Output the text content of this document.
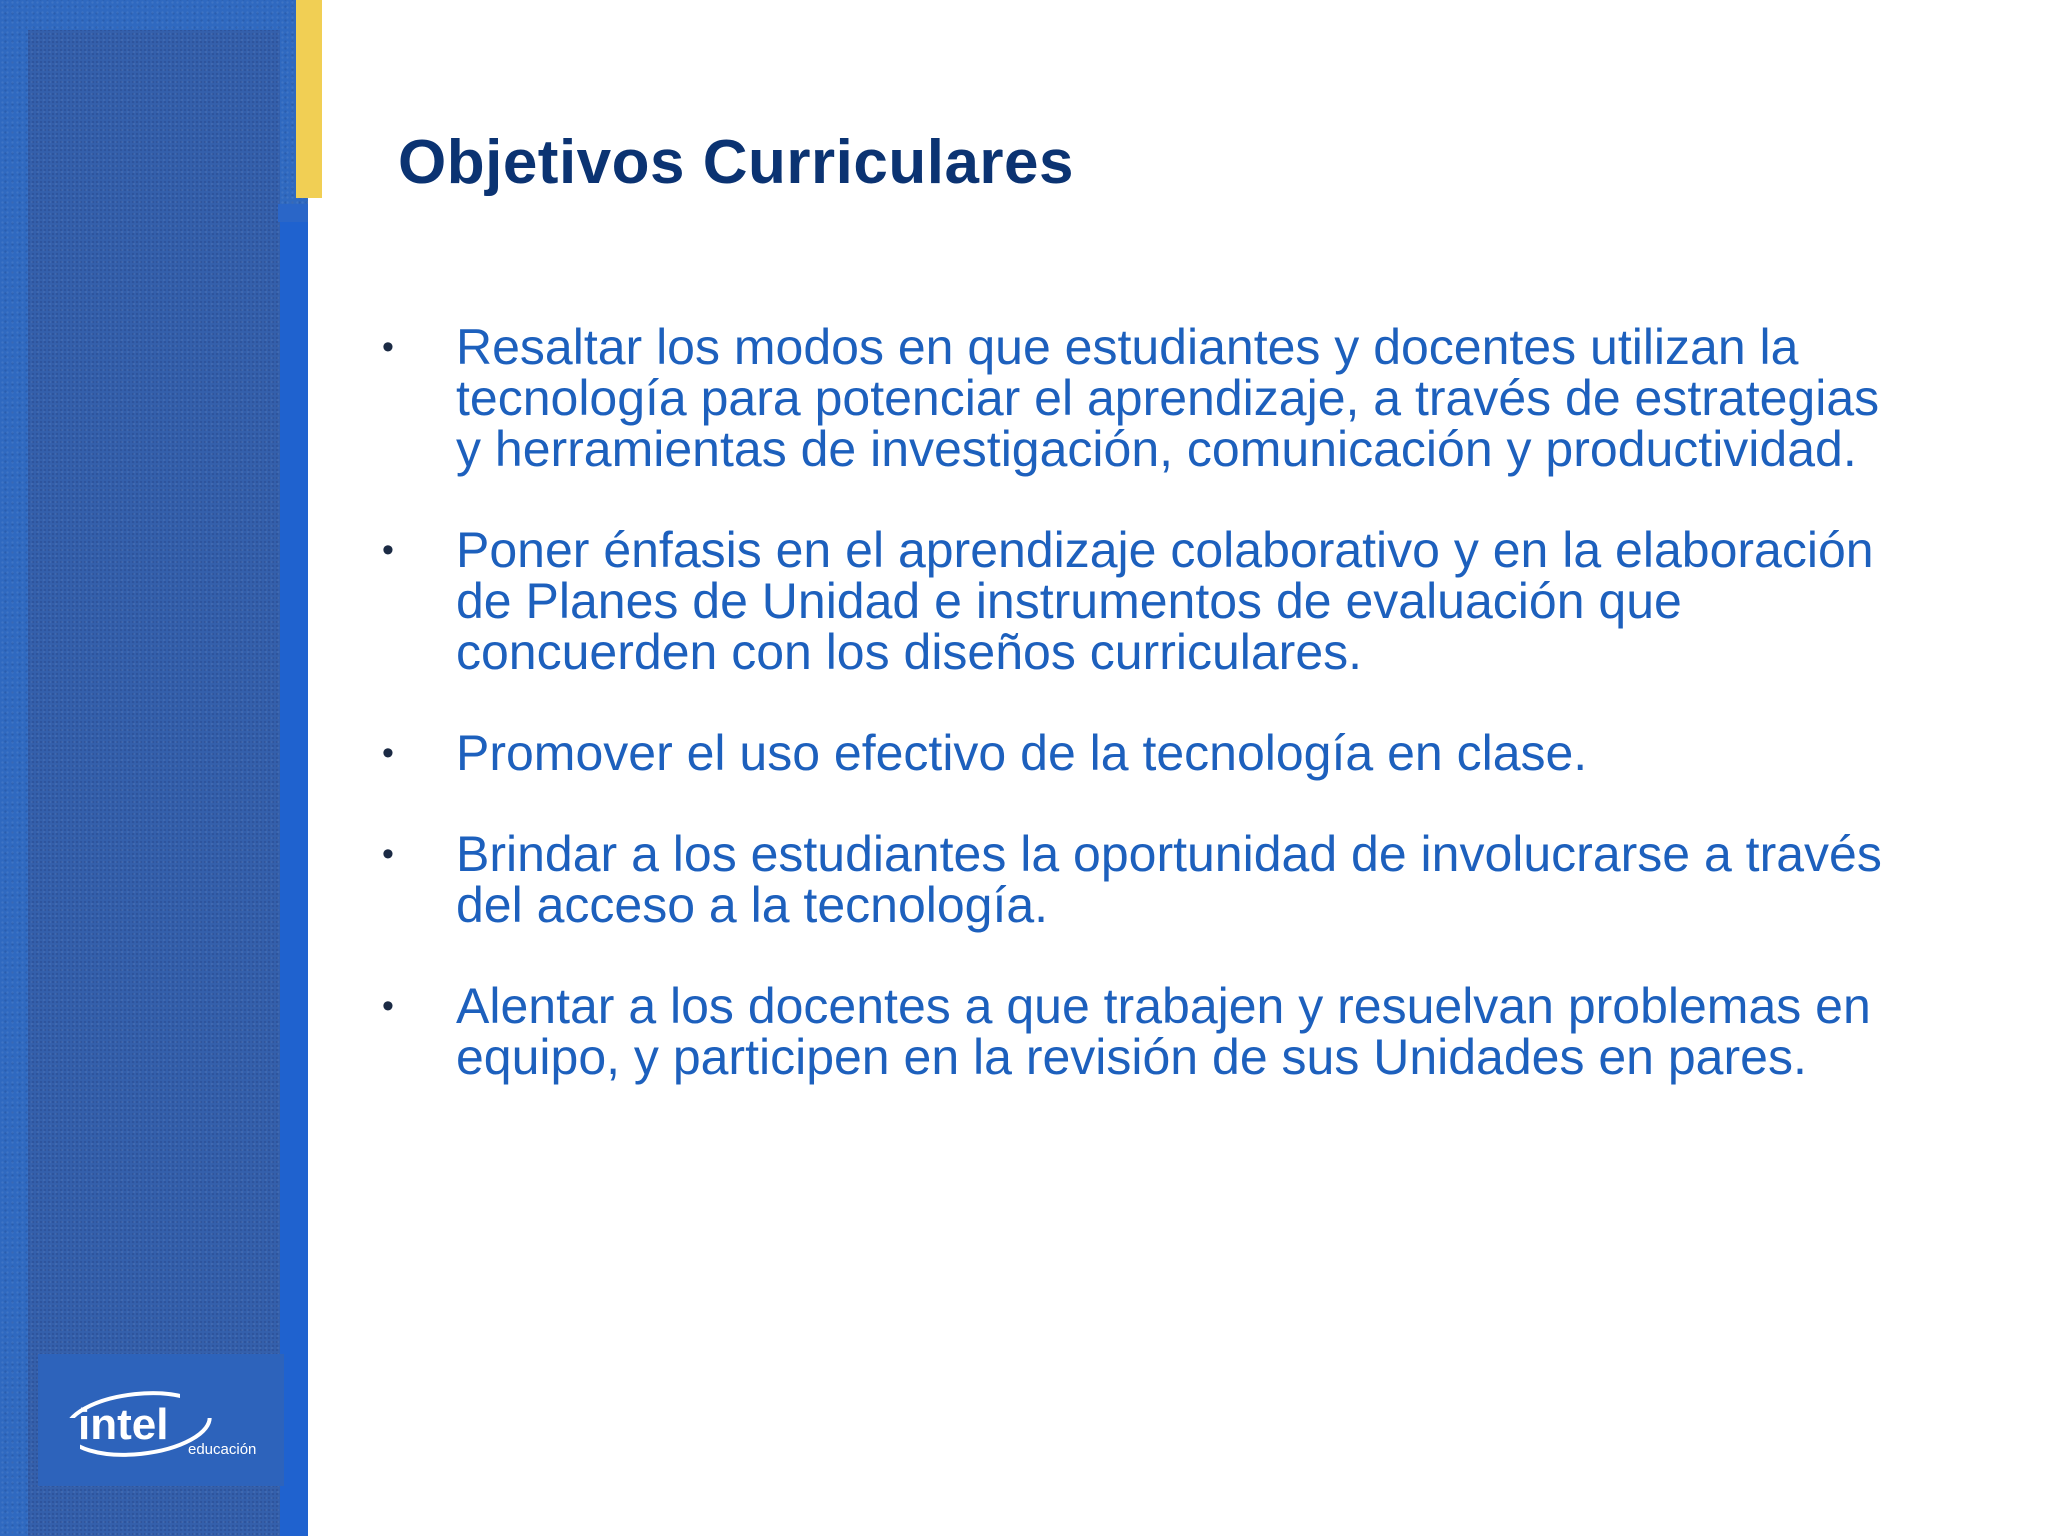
intel
educación
Objetivos Curriculares
•	Resaltar los modos en que estudiantes y docentes utilizan la tecnología para potenciar el aprendizaje, a través de estrategias y herramientas de investigación, comunicación y productividad.
•	Poner énfasis en el aprendizaje colaborativo y en la elaboración de Planes de Unidad e instrumentos de evaluación que concuerden con los diseños curriculares.
•	Promover el uso efectivo de la tecnología en clase.
•	Brindar a los estudiantes la oportunidad de involucrarse a través del acceso a la tecnología.
•	Alentar a los docentes a que trabajen y resuelvan problemas en equipo, y participen en la revisión de sus Unidades en pares.
